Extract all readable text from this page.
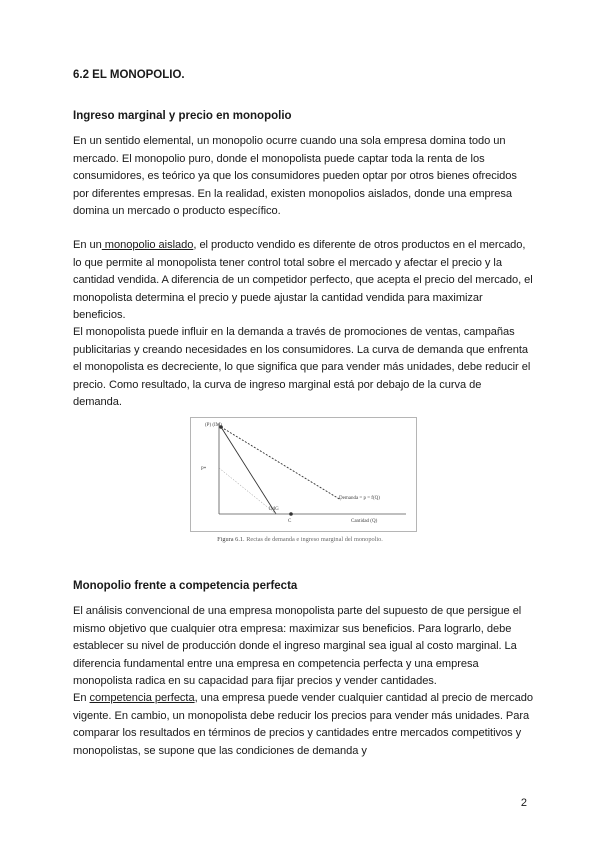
6.2 EL MONOPOLIO.
Ingreso marginal y precio en monopolio
En un sentido elemental, un monopolio ocurre cuando una sola empresa domina todo un mercado. El monopolio puro, donde el monopolista puede captar toda la renta de los consumidores, es teórico ya que los consumidores pueden optar por otros bienes ofrecidos por diferentes empresas. En la realidad, existen monopolios aislados, donde una empresa domina un mercado o producto específico.
En un monopolio aislado, el producto vendido es diferente de otros productos en el mercado, lo que permite al monopolista tener control total sobre el mercado y afectar el precio y la cantidad vendida. A diferencia de un competidor perfecto, que acepta el precio del mercado, el monopolista determina el precio y puede ajustar la cantidad vendida para maximizar beneficios.
El monopolista puede influir en la demanda a través de promociones de ventas, campañas publicitarias y creando necesidades en los consumidores. La curva de demanda que enfrenta el monopolista es decreciente, lo que significa que para vender más unidades, debe reducir el precio. Como resultado, la curva de ingreso marginal está por debajo de la curva de demanda.
(P) (IM)
P*
IMG
C
Demanda = p = f(Q)
Cantidad (Q)
Figura 6.1. Rectas de demanda e ingreso marginal del monopolio.
Monopolio frente a competencia perfecta
El análisis convencional de una empresa monopolista parte del supuesto de que persigue el mismo objetivo que cualquier otra empresa: maximizar sus beneficios. Para lograrlo, debe establecer su nivel de producción donde el ingreso marginal sea igual al costo marginal. La diferencia fundamental entre una empresa en competencia perfecta y una empresa monopolista radica en su capacidad para fijar precios y vender cantidades.
En competencia perfecta, una empresa puede vender cualquier cantidad al precio de mercado vigente. En cambio, un monopolista debe reducir los precios para vender más unidades. Para comparar los resultados en términos de precios y cantidades entre mercados competitivos y monopolistas, se supone que las condiciones de demanda y
2
